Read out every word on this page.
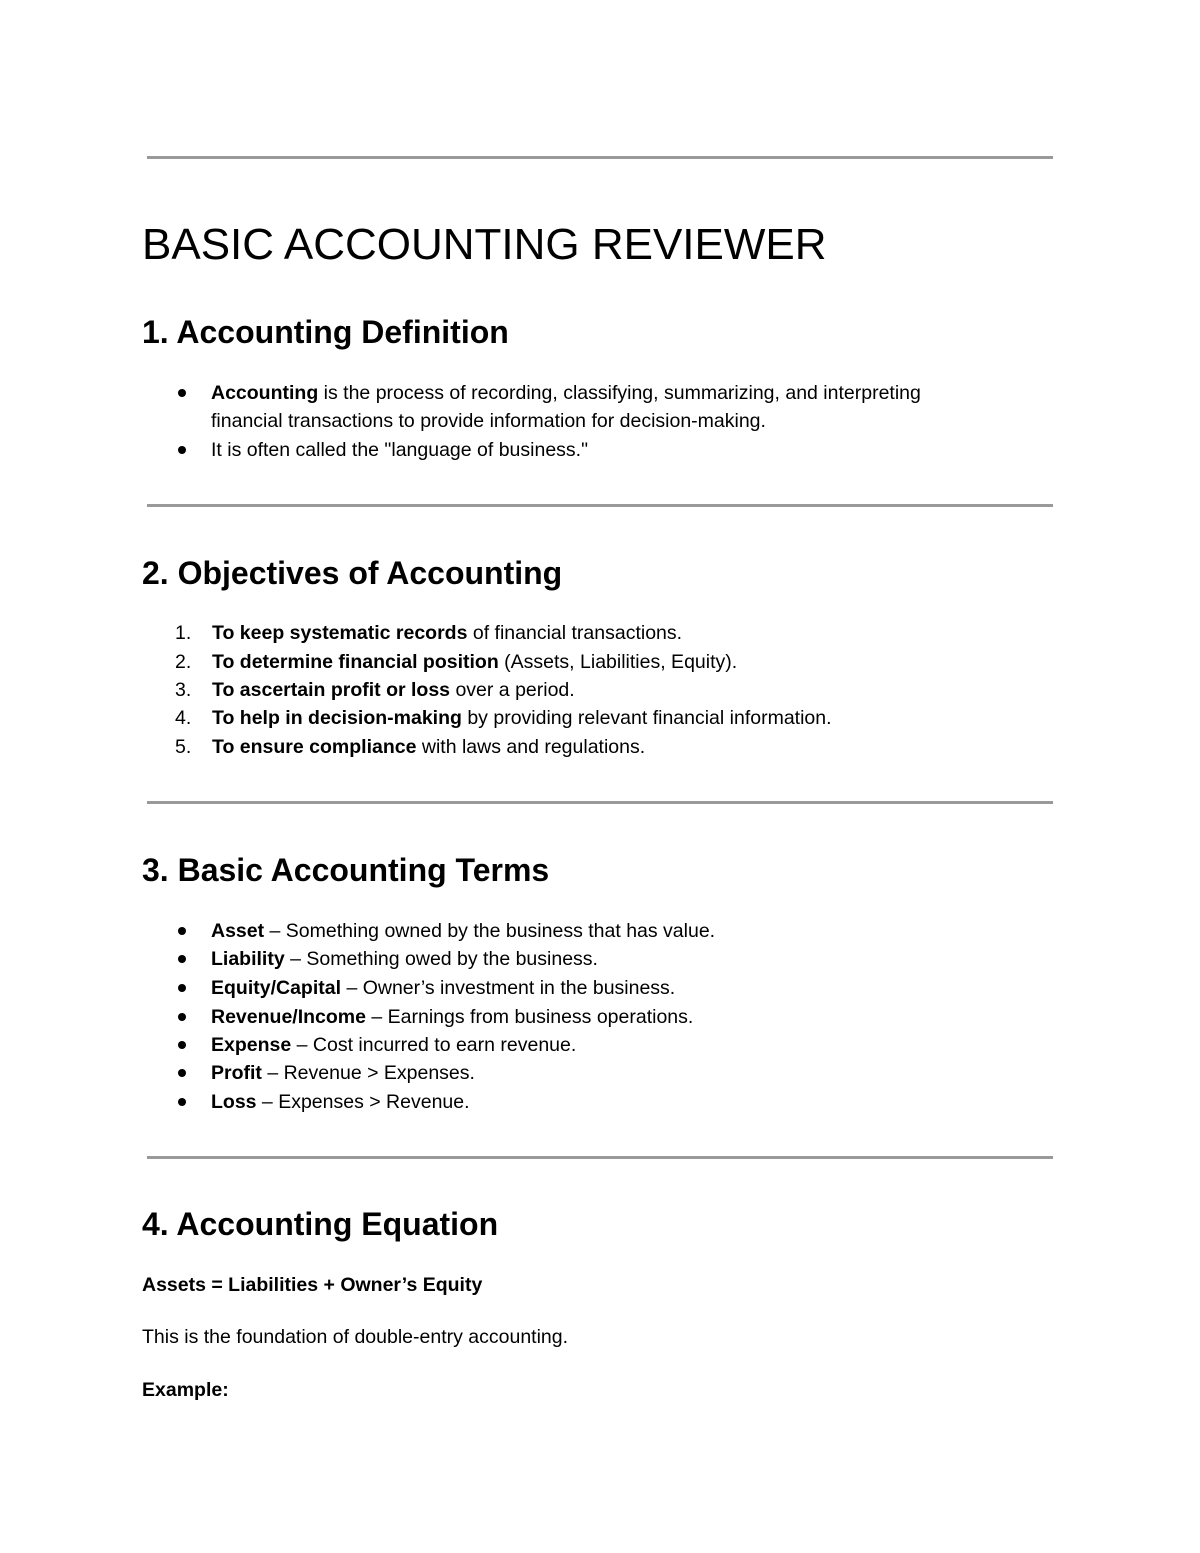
BASIC ACCOUNTING REVIEWER
1. Accounting Definition
Accounting is the process of recording, classifying, summarizing, and interpreting
financial transactions to provide information for decision-making.
It is often called the "language of business."
2. Objectives of Accounting
1. To keep systematic records of financial transactions.
2. To determine financial position (Assets, Liabilities, Equity).
3. To ascertain profit or loss over a period.
4. To help in decision-making by providing relevant financial information.
5. To ensure compliance with laws and regulations.
3. Basic Accounting Terms
Asset – Something owned by the business that has value.
Liability – Something owed by the business.
Equity/Capital – Owner’s investment in the business.
Revenue/Income – Earnings from business operations.
Expense – Cost incurred to earn revenue.
Profit – Revenue > Expenses.
Loss – Expenses > Revenue.
4. Accounting Equation
Assets = Liabilities + Owner’s Equity
This is the foundation of double-entry accounting.
Example:
